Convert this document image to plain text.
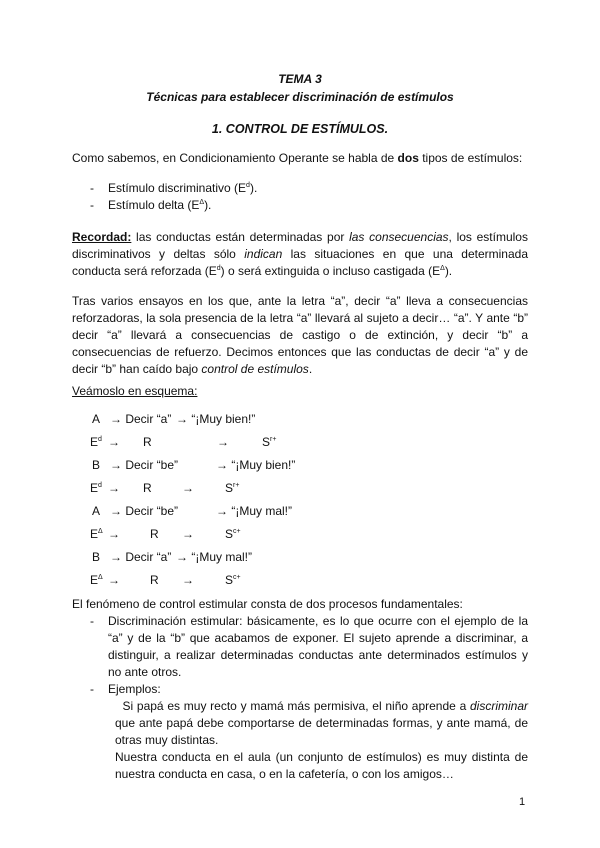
TEMA 3
Técnicas para establecer discriminación de estímulos
1. CONTROL DE ESTÍMULOS.
Como sabemos, en Condicionamiento Operante se habla de dos tipos de estímulos:
-	Estímulo discriminativo $(E^d)$.
-	Estímulo delta $(E^\Delta)$.
Recordad: las conductas están determinadas por las consecuencias, los estímulos discriminativos y deltas sólo indican las situaciones en que una determinada conducta será reforzada $(E^d)$ o será extinguida o incluso castigada $(E^\Delta)$.
Tras varios ensayos en los que, ante la letra “a”, decir “a” lleva a consecuencias reforzadoras, la sola presencia de la letra “a” llevará al sujeto a decir… “a”. Y ante “b” decir “a” llevará a consecuencias de castigo o de extinción, y decir “b” a consecuencias de refuerzo. Decimos entonces que las conductas de decir “a” y de decir “b” han caído bajo control de estímulos.
Veámoslo en esquema:
A → Decir “a” → “¡Muy bien!”
$E^d \to R$	→	$S^{r+}$
B → Decir “be”	→ “¡Muy bien!”
$E^d \to R$	→	$S^{r+}$
A → Decir “be”	→ “¡Muy mal!”
$E^\Delta$ →	R →	$S^{c+}$
B → Decir “a” → “¡Muy mal!”
$E^\Delta$ →	R →	$S^{c+}$
El fenómeno de control estimular consta de dos procesos fundamentales:
-	Discriminación estimular: básicamente, es lo que ocurre con el ejemplo de la “a” y de la “b” que acabamos de exponer. El sujeto aprende a discriminar, a distinguir, a realizar determinadas conductas ante determinados estímulos y no ante otros.
-	Ejemplos:
Si papá es muy recto y mamá más permisiva, el niño aprende a discriminar que ante papá debe comportarse de determinadas formas, y ante mamá, de otras muy distintas.
Nuestra conducta en el aula (un conjunto de estímulos) es muy distinta de nuestra conducta en casa, o en la cafetería, o con los amigos…
1
